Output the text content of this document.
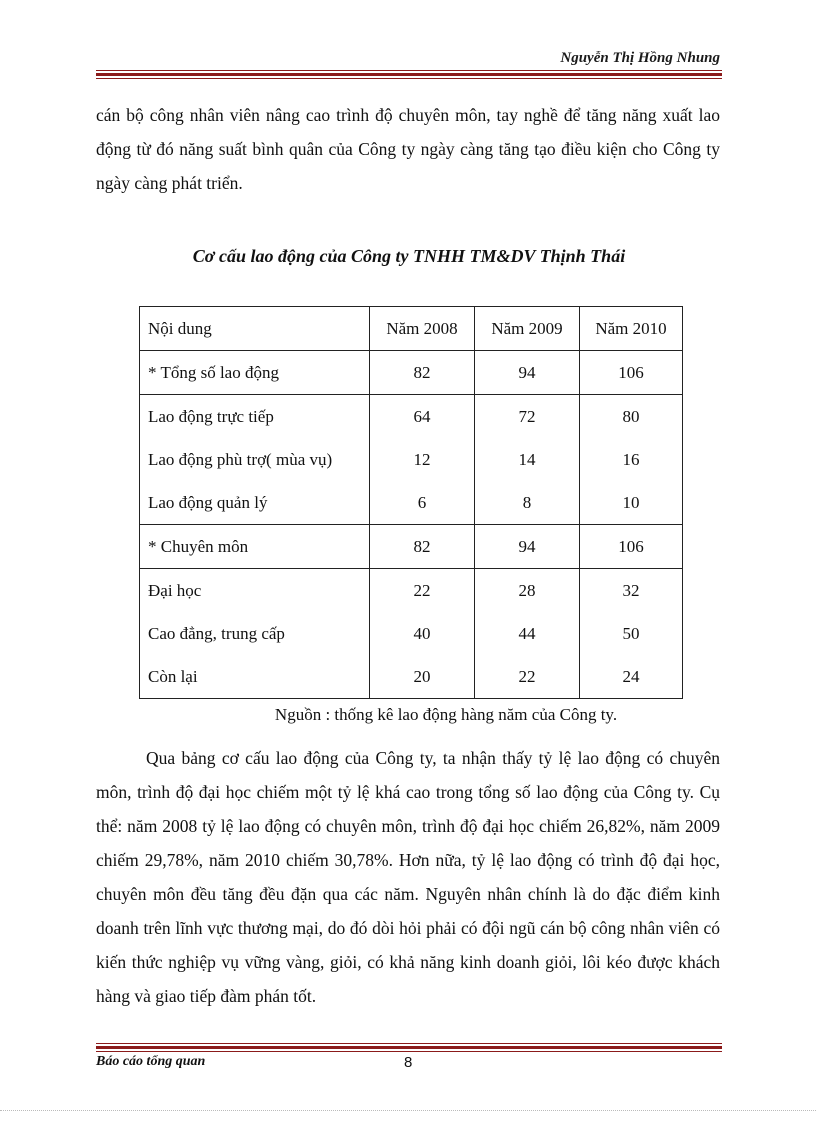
Nguyễn Thị Hồng Nhung

cán bộ công nhân viên nâng cao trình độ chuyên môn, tay nghề để tăng năng xuất lao động từ đó năng suất bình quân của Công ty ngày càng tăng tạo điều kiện cho Công ty ngày càng phát triển.

Cơ cấu lao động của Công ty TNHH TM&DV Thịnh Thái
Nội dung	Năm 2008	Năm 2009	Năm 2010
* Tổng số lao động	82	94	106
Lao động trực tiếp	64	72	80
Lao động phù trợ( mùa vụ)	12	14	16
Lao động quản lý	6	8	10
* Chuyên môn	82	94	106
Đại học	22	28	32
Cao đẳng, trung cấp	40	44	50
Còn lại	20	22	24
Nguồn : thống kê lao động hàng năm của Công ty.

Qua bảng cơ cấu lao động của Công ty, ta nhận thấy tỷ lệ lao động có chuyên môn, trình độ đại học chiếm một tỷ lệ khá cao trong tổng số lao động của Công ty. Cụ thể: năm 2008 tỷ lệ lao động có chuyên môn, trình độ đại học chiếm 26,82%, năm 2009 chiếm 29,78%, năm 2010 chiếm 30,78%. Hơn nữa, tỷ lệ lao động có trình độ đại học, chuyên môn đều tăng đều đặn qua các năm. Nguyên nhân chính là do đặc điểm kinh doanh trên lĩnh vực thương mại, do đó dòi hỏi phải có đội ngũ cán bộ công nhân viên có kiến thức nghiệp vụ vững vàng, giỏi, có khả năng kinh doanh giỏi, lôi kéo được khách hàng và giao tiếp đàm phán tốt.

Báo cáo tổng quan	8
